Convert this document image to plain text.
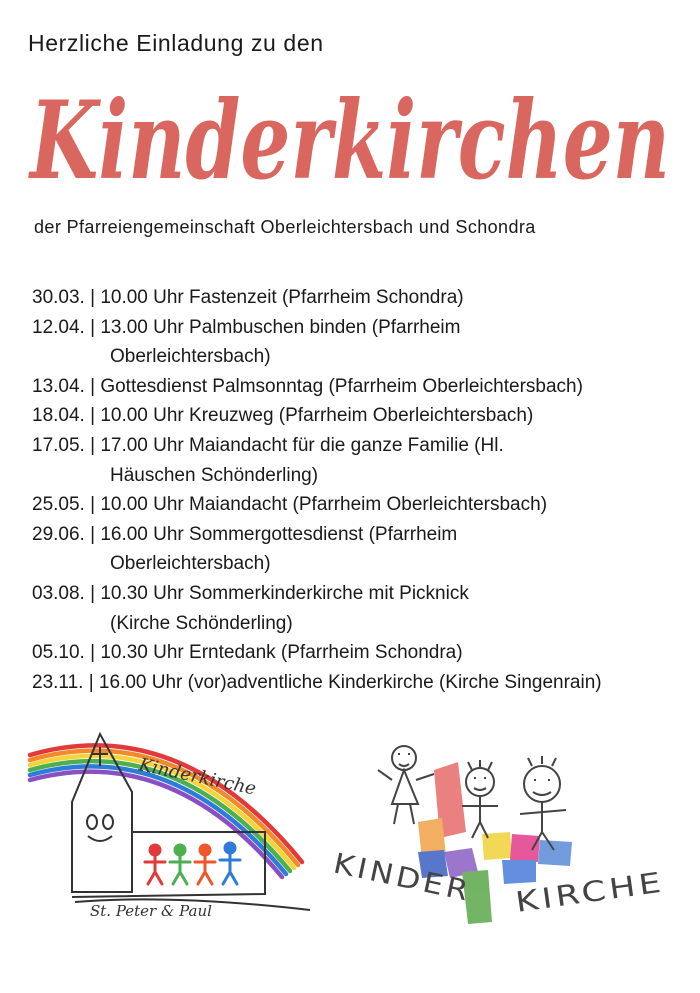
Herzliche Einladung zu den
Kinderkirchen
der Pfarreiengemeinschaft Oberleichtersbach und Schondra
30.03. | 10.00 Uhr Fastenzeit (Pfarrheim Schondra)
12.04. | 13.00 Uhr Palmbuschen binden (Pfarrheim
Oberleichtersbach)
13.04. | Gottesdienst Palmsonntag (Pfarrheim Oberleichtersbach)
18.04. | 10.00 Uhr Kreuzweg (Pfarrheim Oberleichtersbach)
17.05. | 17.00 Uhr Maiandacht für die ganze Familie (Hl.
Häuschen Schönderling)
25.05. | 10.00 Uhr Maiandacht (Pfarrheim Oberleichtersbach)
29.06. | 16.00 Uhr Sommergottesdienst (Pfarrheim
Oberleichtersbach)
03.08. | 10.30 Uhr Sommerkinderkirche mit Picknick
(Kirche Schönderling)
05.10. | 10.30 Uhr Erntedank (Pfarrheim Schondra)
23.11. | 16.00 Uhr (vor)adventliche Kinderkirche (Kirche Singenrain)
Kinderkirche
St. Peter & Paul
KINDER	KIRCHE
